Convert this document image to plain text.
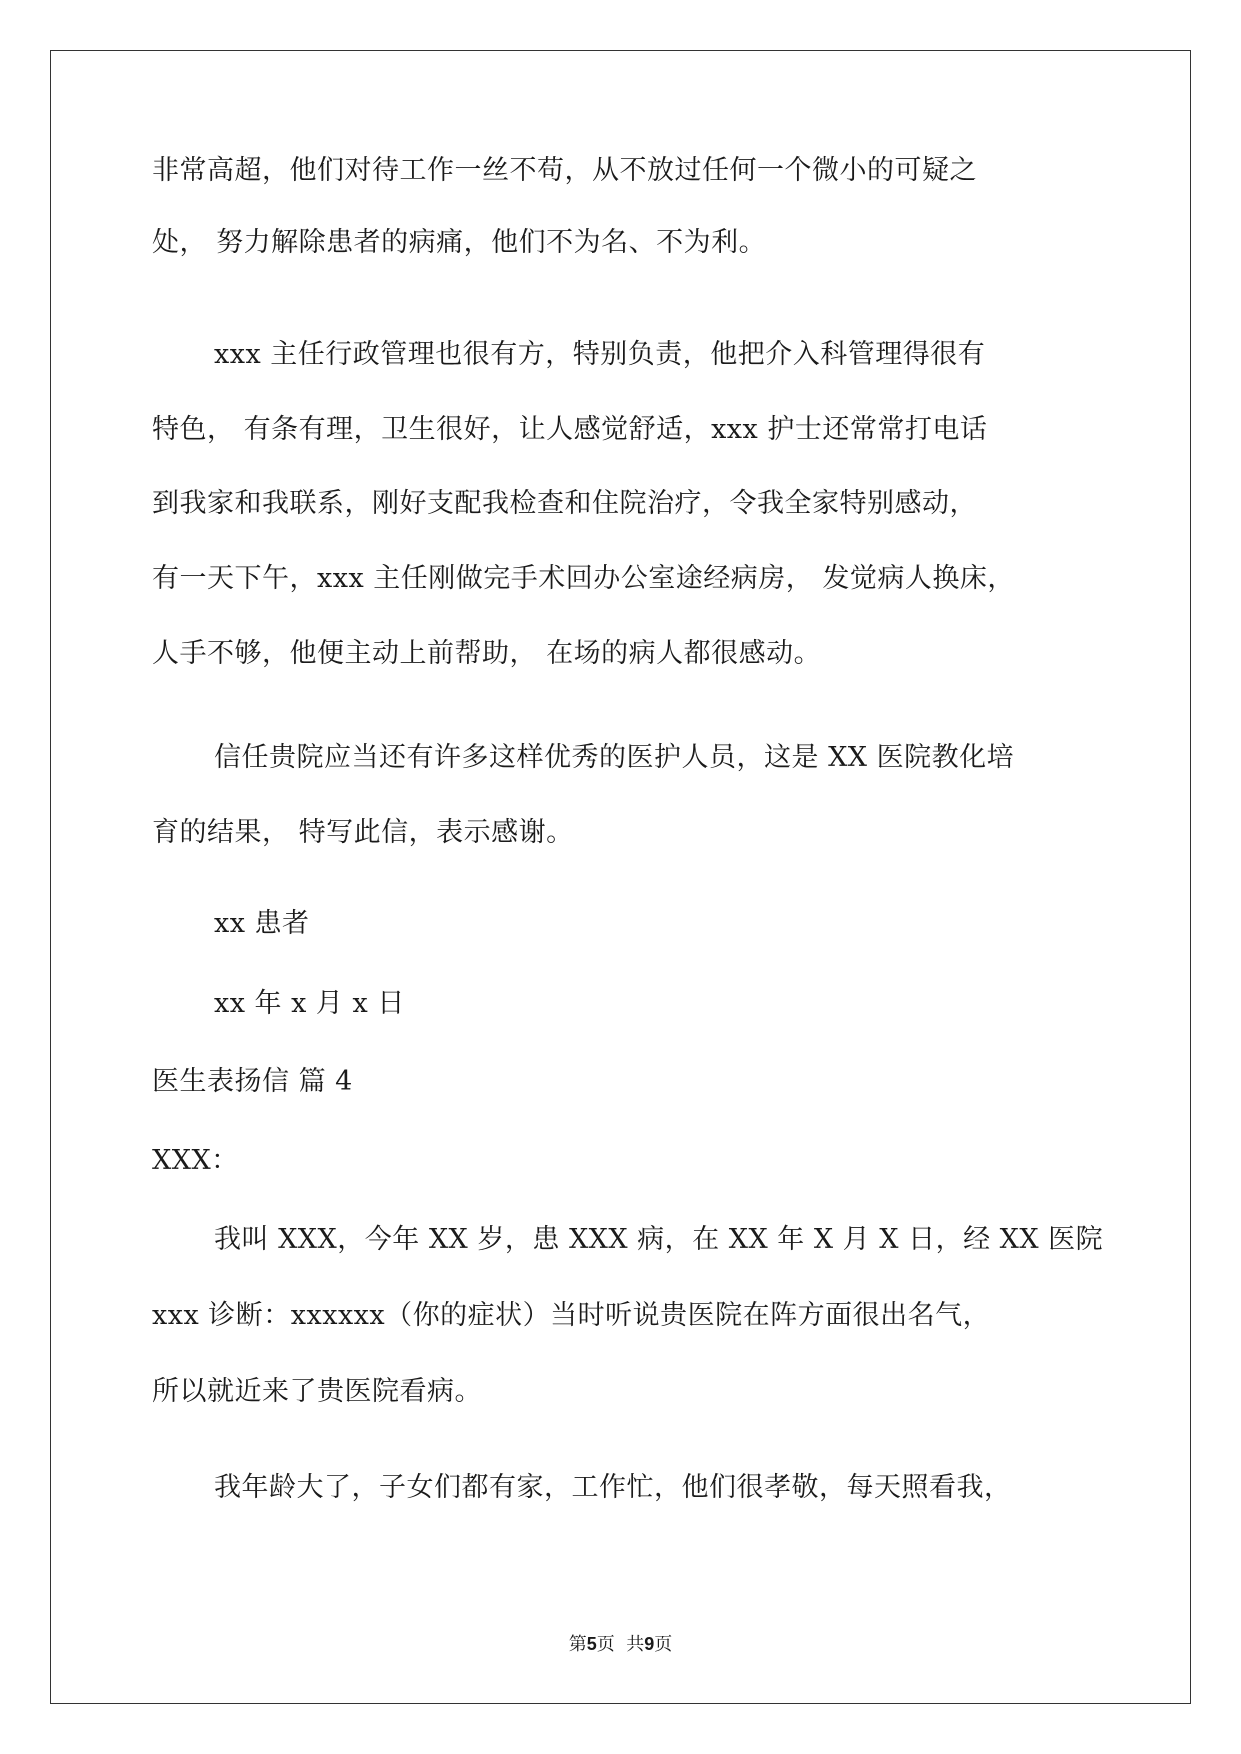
非常高超，他们对待工作一丝不苟，从不放过任何一个微小的可疑之
处， 努力解除患者的病痛，他们不为名、不为利。
xxx 主任行政管理也很有方，特别负责，他把介入科管理得很有
特色， 有条有理，卫生很好，让人感觉舒适，xxx 护士还常常打电话
到我家和我联系，刚好支配我检查和住院治疗，令我全家特别感动，
有一天下午，xxx 主任刚做完手术回办公室途经病房， 发觉病人换床，
人手不够，他便主动上前帮助， 在场的病人都很感动。
信任贵院应当还有许多这样优秀的医护人员，这是 XX 医院教化培
育的结果， 特写此信，表示感谢。
xx 患者
xx 年 x 月 x 日
医生表扬信 篇 4
XXX：
我叫 XXX，今年 XX 岁，患 XXX 病，在 XX 年 X 月 X 日，经 XX 医院
xxx 诊断：xxxxxx（你的症状）当时听说贵医院在阵方面很出名气，
所以就近来了贵医院看病。
我年龄大了，子女们都有家，工作忙，他们很孝敬，每天照看我，
第5页  共9页
